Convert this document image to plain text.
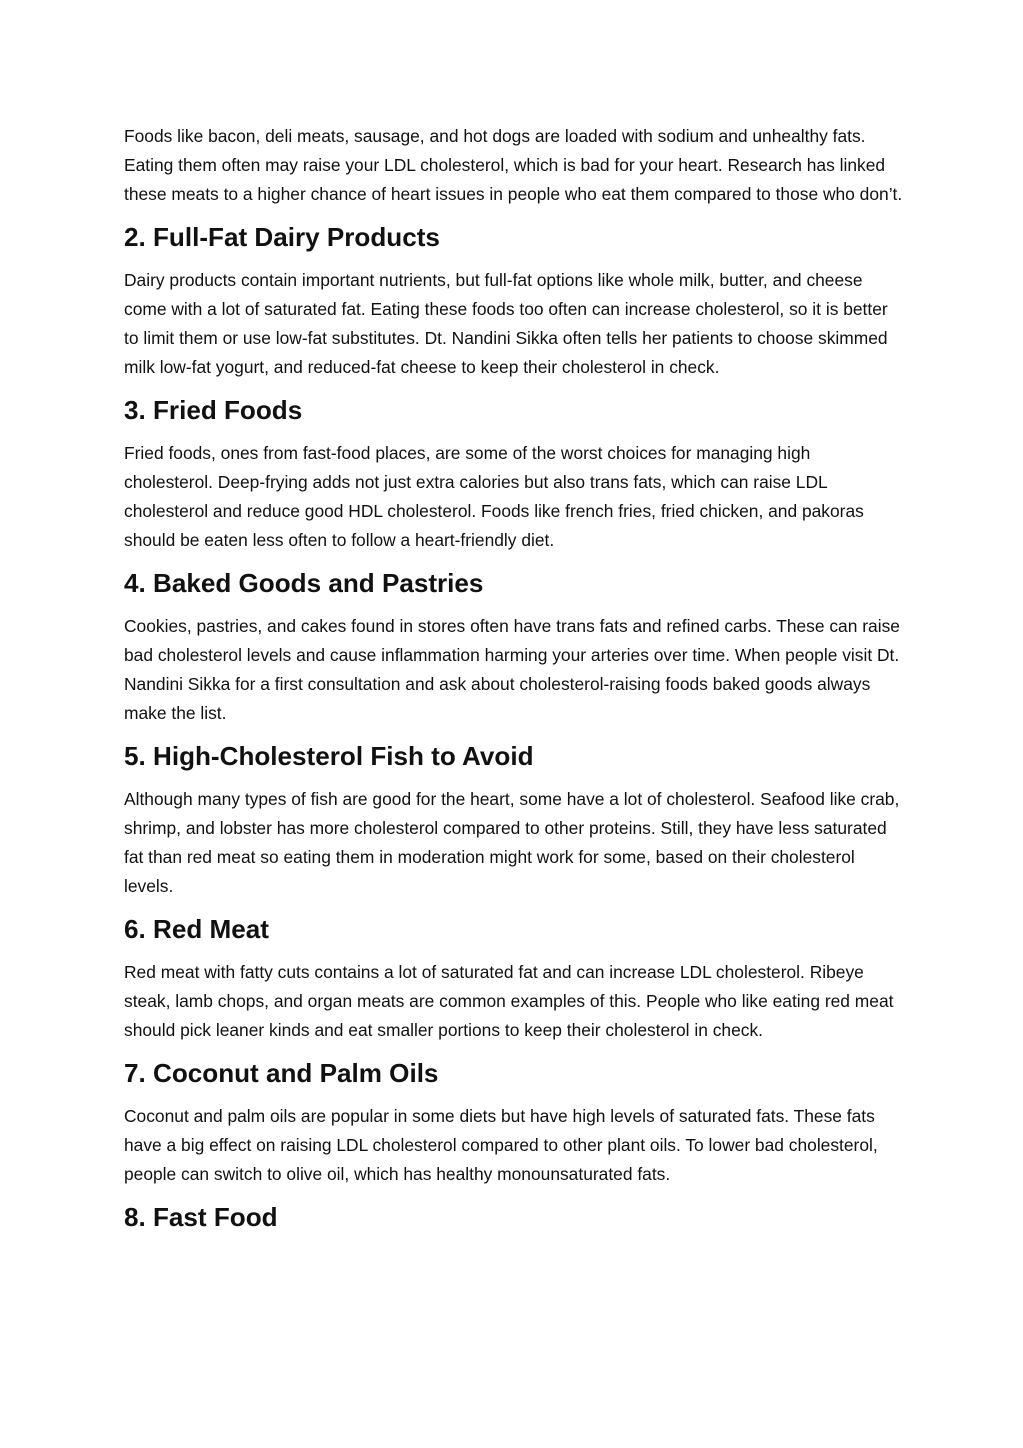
Foods like bacon, deli meats, sausage, and hot dogs are loaded with sodium and unhealthy fats. Eating them often may raise your LDL cholesterol, which is bad for your heart. Research has linked these meats to a higher chance of heart issues in people who eat them compared to those who don’t.

2. Full-Fat Dairy Products

Dairy products contain important nutrients, but full-fat options like whole milk, butter, and cheese come with a lot of saturated fat. Eating these foods too often can increase cholesterol, so it is better to limit them or use low-fat substitutes. Dt. Nandini Sikka often tells her patients to choose skimmed milk low-fat yogurt, and reduced-fat cheese to keep their cholesterol in check.

3. Fried Foods

Fried foods, ones from fast-food places, are some of the worst choices for managing high cholesterol. Deep-frying adds not just extra calories but also trans fats, which can raise LDL cholesterol and reduce good HDL cholesterol. Foods like french fries, fried chicken, and pakoras should be eaten less often to follow a heart-friendly diet.

4. Baked Goods and Pastries

Cookies, pastries, and cakes found in stores often have trans fats and refined carbs. These can raise bad cholesterol levels and cause inflammation harming your arteries over time. When people visit Dt. Nandini Sikka for a first consultation and ask about cholesterol-raising foods baked goods always make the list.

5. High-Cholesterol Fish to Avoid

Although many types of fish are good for the heart, some have a lot of cholesterol. Seafood like crab, shrimp, and lobster has more cholesterol compared to other proteins. Still, they have less saturated fat than red meat so eating them in moderation might work for some, based on their cholesterol levels.

6. Red Meat

Red meat with fatty cuts contains a lot of saturated fat and can increase LDL cholesterol. Ribeye steak, lamb chops, and organ meats are common examples of this. People who like eating red meat should pick leaner kinds and eat smaller portions to keep their cholesterol in check.

7. Coconut and Palm Oils

Coconut and palm oils are popular in some diets but have high levels of saturated fats. These fats have a big effect on raising LDL cholesterol compared to other plant oils. To lower bad cholesterol, people can switch to olive oil, which has healthy monounsaturated fats.

8. Fast Food
